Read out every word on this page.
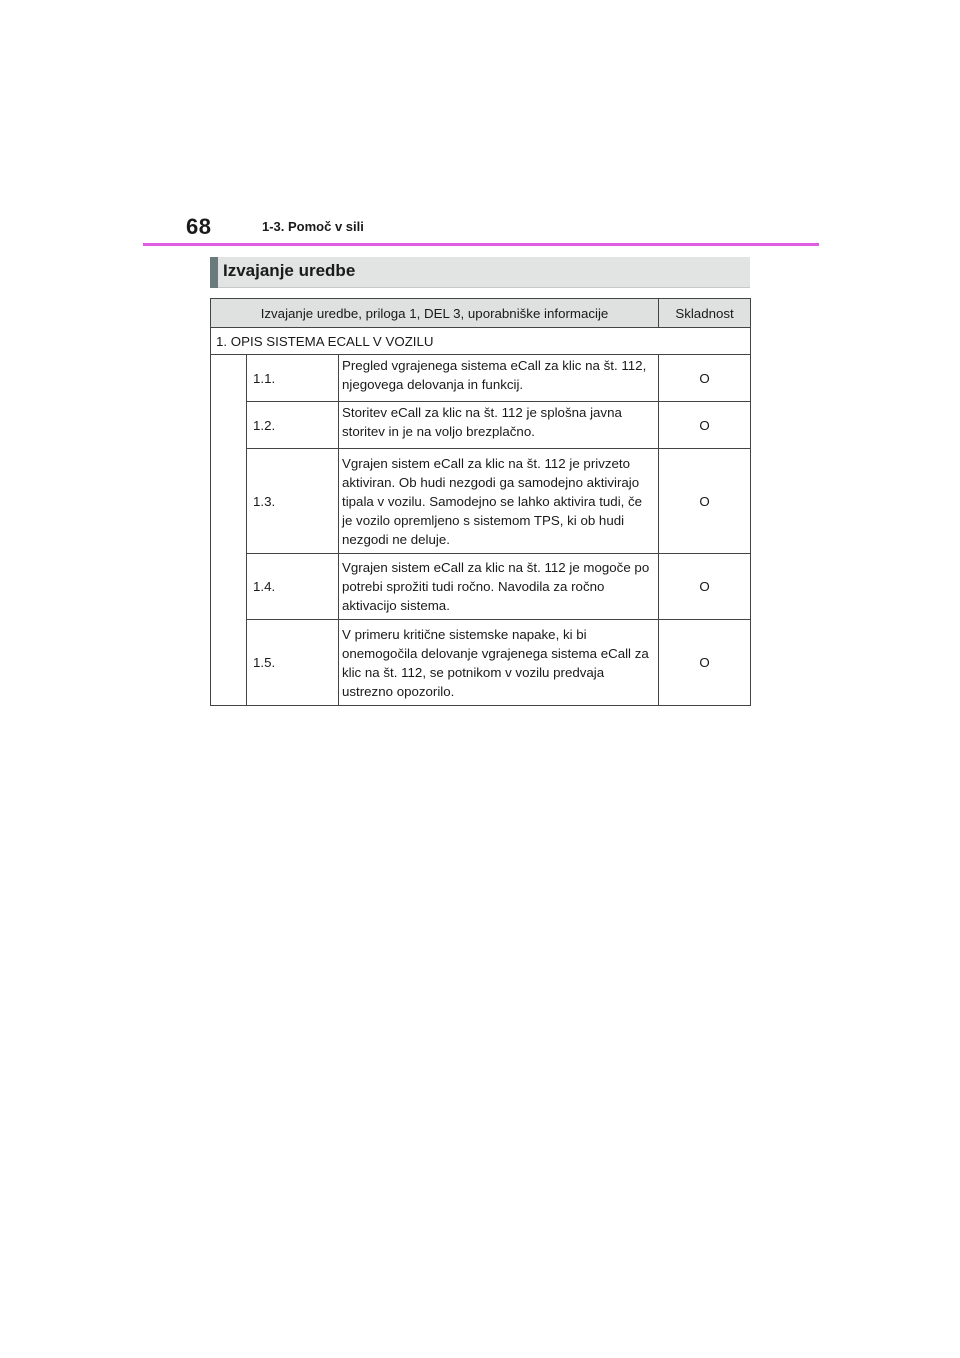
68	1-3. Pomoč v sili
Izvajanje uredbe
Izvajanje uredbe, priloga 1, DEL 3, uporabniške informacije			Skladnost
1. OPIS SISTEMA ECALL V VOZILU			
	1.1.	Pregled vgrajenega sistema eCall za klic na št. 112, njegovega delovanja in funkcij.	O
	1.2.	Storitev eCall za klic na št. 112 je splošna javna storitev in je na voljo brezplačno.	O
	1.3.	Vgrajen sistem eCall za klic na št. 112 je privzeto aktiviran. Ob hudi nezgodi ga samodejno aktivirajo tipala v vozilu. Samodejno se lahko aktivira tudi, če je vozilo opremljeno s sistemom TPS, ki ob hudi nezgodi ne deluje.	O
	1.4.	Vgrajen sistem eCall za klic na št. 112 je mogoče po potrebi sprožiti tudi ročno. Navodila za ročno aktivacijo sistema.	O
	1.5.	V primeru kritične sistemske napake, ki bi onemogočila delovanje vgrajenega sistema eCall za klic na št. 112, se potnikom v vozilu predvaja ustrezno opozorilo.	O
